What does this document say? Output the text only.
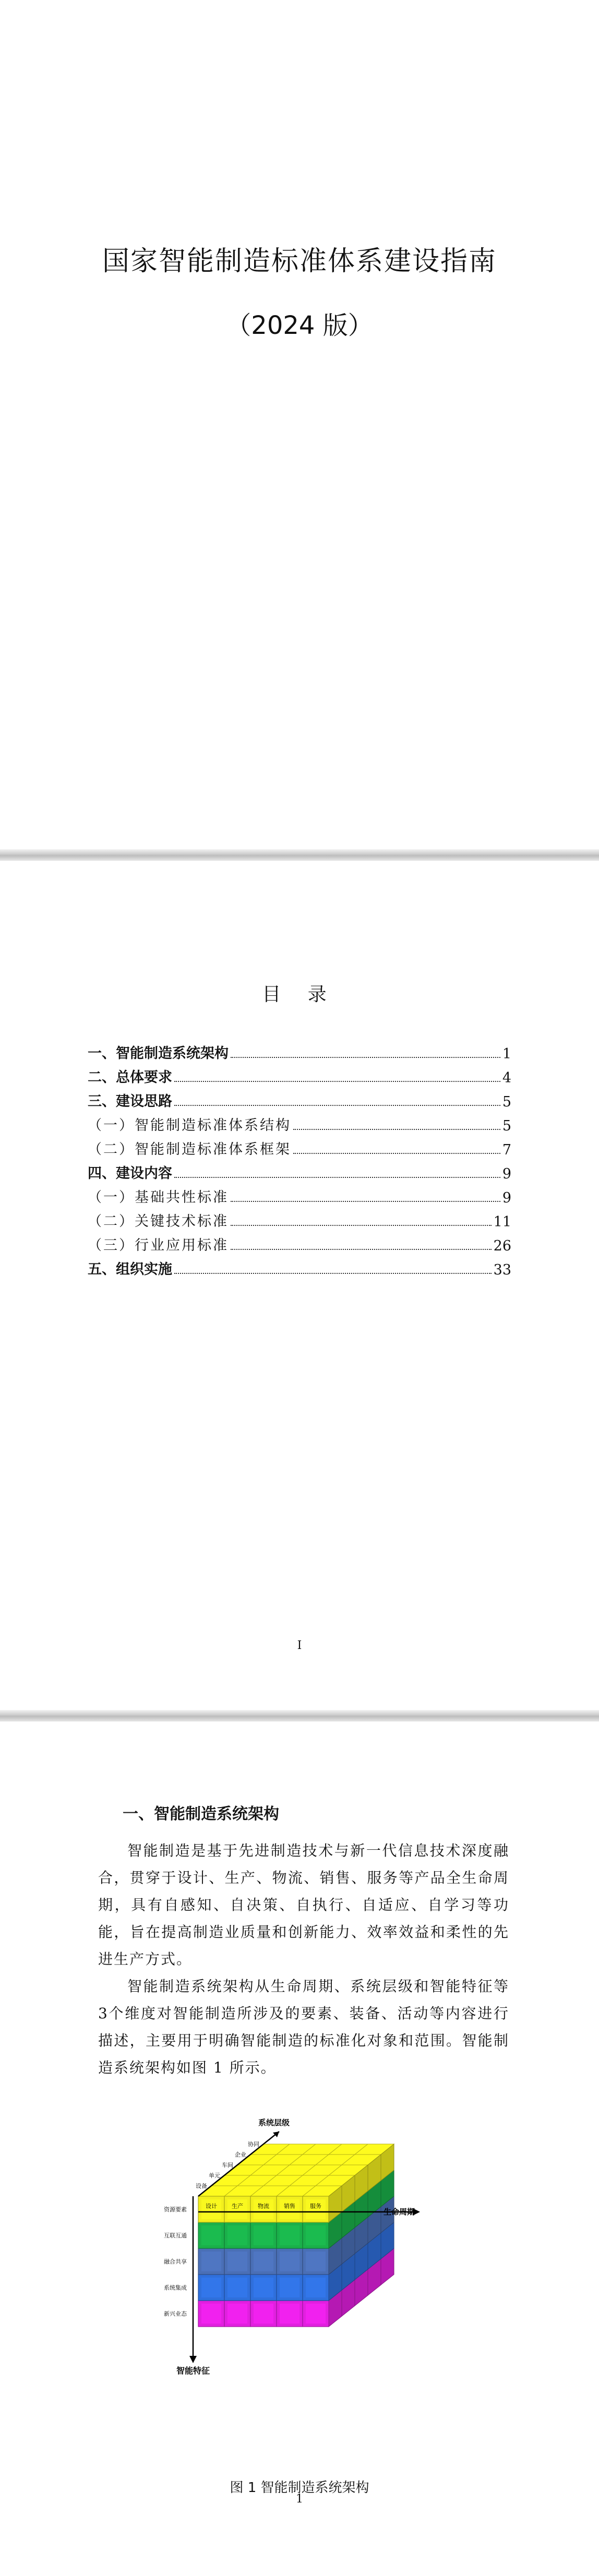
国家智能制造标准体系建设指南
（2024 版）
目 录
一、智能制造系统架构	1
二、总体要求	4
三、建设思路	5
（一）智能制造标准体系结构	5
（二）智能制造标准体系框架	7
四、建设内容	9
（一）基础共性标准	9
（二）关键技术标准	11
（三）行业应用标准	26
五、组织实施	33
I
一、智能制造系统架构
智能制造是基于先进制造技术与新一代信息技术深度融合，贯穿于设计、生产、物流、销售、服务等产品全生命周期，具有自感知、自决策、自执行、自适应、自学习等功能，旨在提高制造业质量和创新能力、效率效益和柔性的先进生产方式。
智能制造系统架构从生命周期、系统层级和智能特征等3个维度对智能制造所涉及的要素、装备、活动等内容进行描述，主要用于明确智能制造的标准化对象和范围。智能制造系统架构如图 1 所示。
系统层级
生命周期
智能特征
协同
企业
车间
单元
设备
设计	生产	物流	销售	服务
资源要素
互联互通
融合共享
系统集成
新兴业态
图 1 智能制造系统架构
1
